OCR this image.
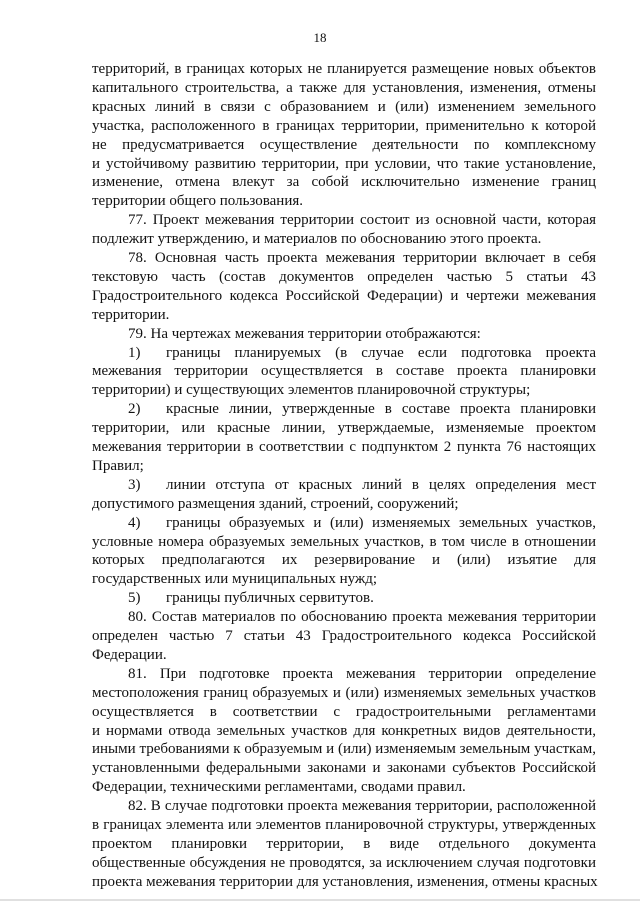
18
территорий, в границах которых не планируется размещение новых объектов
капитального строительства, а также для установления, изменения, отмены
красных линий в связи с образованием и (или) изменением земельного
участка, расположенного в границах территории, применительно к которой
не предусматривается осуществление деятельности по комплексному
и устойчивому развитию территории, при условии, что такие установление,
изменение, отмена влекут за собой исключительно изменение границ
территории общего пользования.
77. Проект межевания территории состоит из основной части, которая
подлежит утверждению, и материалов по обоснованию этого проекта.
78. Основная часть проекта межевания территории включает в себя
текстовую часть (состав документов определен частью 5 статьи 43
Градостроительного кодекса Российской Федерации) и чертежи межевания
территории.
79. На чертежах межевания территории отображаются:
1) границы планируемых (в случае если подготовка проекта
межевания территории осуществляется в составе проекта планировки
территории) и существующих элементов планировочной структуры;
2) красные линии, утвержденные в составе проекта планировки
территории, или красные линии, утверждаемые, изменяемые проектом
межевания территории в соответствии с подпунктом 2 пункта 76 настоящих
Правил;
3) линии отступа от красных линий в целях определения мест
допустимого размещения зданий, строений, сооружений;
4) границы образуемых и (или) изменяемых земельных участков,
условные номера образуемых земельных участков, в том числе в отношении
которых предполагаются их резервирование и (или) изъятие для
государственных или муниципальных нужд;
5) границы публичных сервитутов.
80. Состав материалов по обоснованию проекта межевания территории
определен частью 7 статьи 43 Градостроительного кодекса Российской
Федерации.
81. При подготовке проекта межевания территории определение
местоположения границ образуемых и (или) изменяемых земельных участков
осуществляется в соответствии с градостроительными регламентами
и нормами отвода земельных участков для конкретных видов деятельности,
иными требованиями к образуемым и (или) изменяемым земельным участкам,
установленными федеральными законами и законами субъектов Российской
Федерации, техническими регламентами, сводами правил.
82. В случае подготовки проекта межевания территории, расположенной
в границах элемента или элементов планировочной структуры, утвержденных
проектом планировки территории, в виде отдельного документа
общественные обсуждения не проводятся, за исключением случая подготовки
проекта межевания территории для установления, изменения, отмены красных
